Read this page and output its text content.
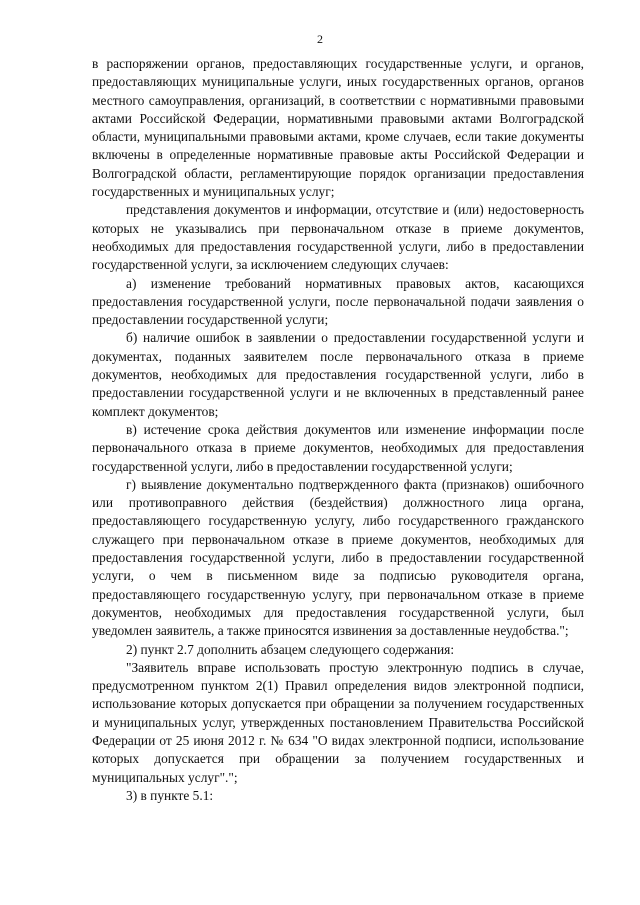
2

в распоряжении органов, предоставляющих государственные услуги, и органов, предоставляющих муниципальные услуги, иных государственных органов, органов местного самоуправления, организаций, в соответствии с нормативными правовыми актами Российской Федерации, нормативными правовыми актами Волгоградской области, муниципальными правовыми актами, кроме случаев, если такие документы включены в определенные нормативные правовые акты Российской Федерации и Волгоградской области, регламентирующие порядок организации предоставления государственных и муниципальных услуг;

представления документов и информации, отсутствие и (или) недостоверность которых не указывались при первоначальном отказе в приеме документов, необходимых для предоставления государственной услуги, либо в предоставлении государственной услуги, за исключением следующих случаев:

а) изменение требований нормативных правовых актов, касающихся предоставления государственной услуги, после первоначальной подачи заявления о предоставлении государственной услуги;

б) наличие ошибок в заявлении о предоставлении государственной услуги и документах, поданных заявителем после первоначального отказа в приеме документов, необходимых для предоставления государственной услуги, либо в предоставлении государственной услуги и не включенных в представленный ранее комплект документов;

в) истечение срока действия документов или изменение информации после первоначального отказа в приеме документов, необходимых для предоставления государственной услуги, либо в предоставлении государственной услуги;

г) выявление документально подтвержденного факта (признаков) ошибочного или противоправного действия (бездействия) должностного лица органа, предоставляющего государственную услугу, либо государственного гражданского служащего при первоначальном отказе в приеме документов, необходимых для предоставления государственной услуги, либо в предоставлении государственной услуги, о чем в письменном виде за подписью руководителя органа, предоставляющего государственную услугу, при первоначальном отказе в приеме документов, необходимых для предоставления государственной услуги, был уведомлен заявитель, а также приносятся извинения за доставленные неудобства.";

2) пункт 2.7 дополнить абзацем следующего содержания:

"Заявитель вправе использовать простую электронную подпись в случае, предусмотренном пунктом 2(1) Правил определения видов электронной подписи, использование которых допускается при обращении за получением государственных и муниципальных услуг, утвержденных постановлением Правительства Российской Федерации от 25 июня 2012 г. № 634 "О видах электронной подписи, использование которых допускается при обращении за получением государственных и муниципальных услуг".";

3) в пункте 5.1:
